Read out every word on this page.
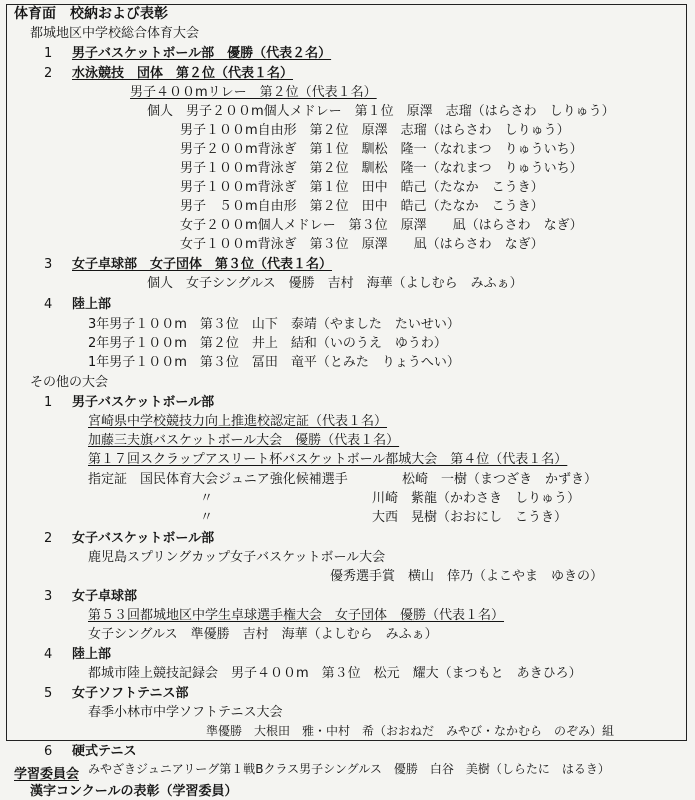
体育面　校納および表彰
都城地区中学校総合体育大会
1 男子バスケットボール部　優勝（代表２名）
2 水泳競技　団体　第２位（代表１名）
男子４００mリレー　第２位（代表１名）
個人　男子２００m個人メドレー　第１位　原澤　志瑠（はらさわ　しりゅう）
男子１００m自由形　第２位　原澤　志瑠（はらさわ　しりゅう）
男子２００m背泳ぎ　第１位　馴松　隆一（なれまつ　りゅういち）
男子１００m背泳ぎ　第２位　馴松　隆一（なれまつ　りゅういち）
男子１００m背泳ぎ　第１位　田中　皓己（たなか　こうき）
男子　５０m自由形　第２位　田中　皓己（たなか　こうき）
女子２００m個人メドレー　第３位　原澤　　凪（はらさわ　なぎ）
女子１００m背泳ぎ　第３位　原澤　　凪（はらさわ　なぎ）
3 女子卓球部　女子団体　第３位（代表１名）
個人　女子シングルス　優勝　吉村　海華（よしむら　みふぁ）
4 陸上部
3年男子１００m　第３位　山下　泰靖（やました　たいせい）
2年男子１００m　第２位　井上　結和（いのうえ　ゆうわ）
1年男子１００m　第３位　冨田　竜平（とみた　りょうへい）
その他の大会
1 男子バスケットボール部
宮崎県中学校競技力向上推進校認定証（代表１名）
加藤三夫旗バスケットボール大会　優勝（代表１名）
第１７回スクラップアスリート杯バスケットボール都城大会　第４位（代表１名）
指定証　国民体育大会ジュニア強化候補選手	松崎　一樹（まつざき　かずき）
〃	川崎　紫龍（かわさき　しりゅう）
〃	大西　晃樹（おおにし　こうき）
2 女子バスケットボール部
鹿児島スプリングカップ女子バスケットボール大会
優秀選手賞　横山　倖乃（よこやま　ゆきの）
3 女子卓球部
第５３回都城地区中学生卓球選手権大会　女子団体　優勝（代表１名）
女子シングルス　準優勝　吉村　海華（よしむら　みふぁ）
4 陸上部
都城市陸上競技記録会　男子４００m　第３位　松元　耀大（まつもと　あきひろ）
5 女子ソフトテニス部
春季小林市中学ソフトテニス大会
準優勝　大根田　雅・中村　希（おおねだ　みやび・なかむら　のぞみ）組
6 硬式テニス
みやざきジュニアリーグ第１戦Bクラス男子シングルス　優勝　白谷　美樹（しらたに　はるき）
学習委員会
漢字コンクールの表彰（学習委員）
